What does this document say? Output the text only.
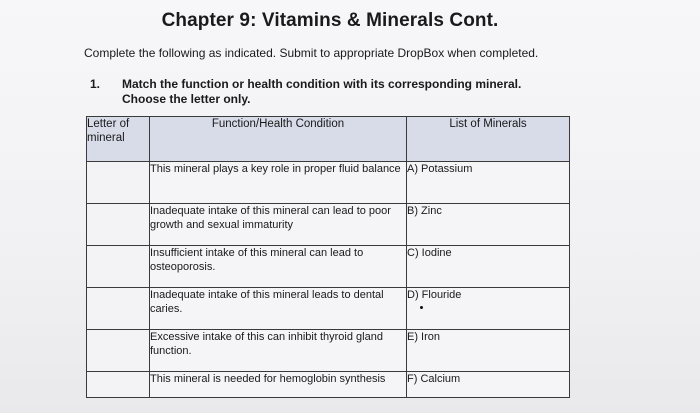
Chapter 9: Vitamins & Minerals Cont.
Complete the following as indicated. Submit to appropriate DropBox when completed.
1. Match the function or health condition with its corresponding mineral. Choose the letter only.
Letter of mineral	Function/Health Condition	List of Minerals
	This mineral plays a key role in proper fluid balance	A) Potassium
	Inadequate intake of this mineral can lead to poor growth and sexual immaturity	B) Zinc
	Insufficient intake of this mineral can lead to osteoporosis.	C) Iodine
	Inadequate intake of this mineral leads to dental caries.	D) Flouride

	Excessive intake of this can inhibit thyroid gland function.	E) Iron
	This mineral is needed for hemoglobin synthesis	F) Calcium
